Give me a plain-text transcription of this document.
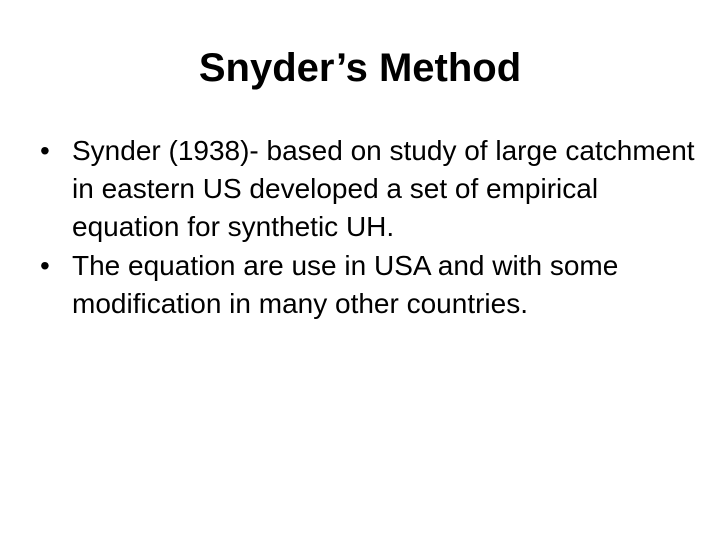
Snyder’s Method
• Synder (1938)- based on study of large catchment in eastern US developed a set of empirical equation for synthetic UH.
• The equation are use in USA and with some modification in many other countries.
